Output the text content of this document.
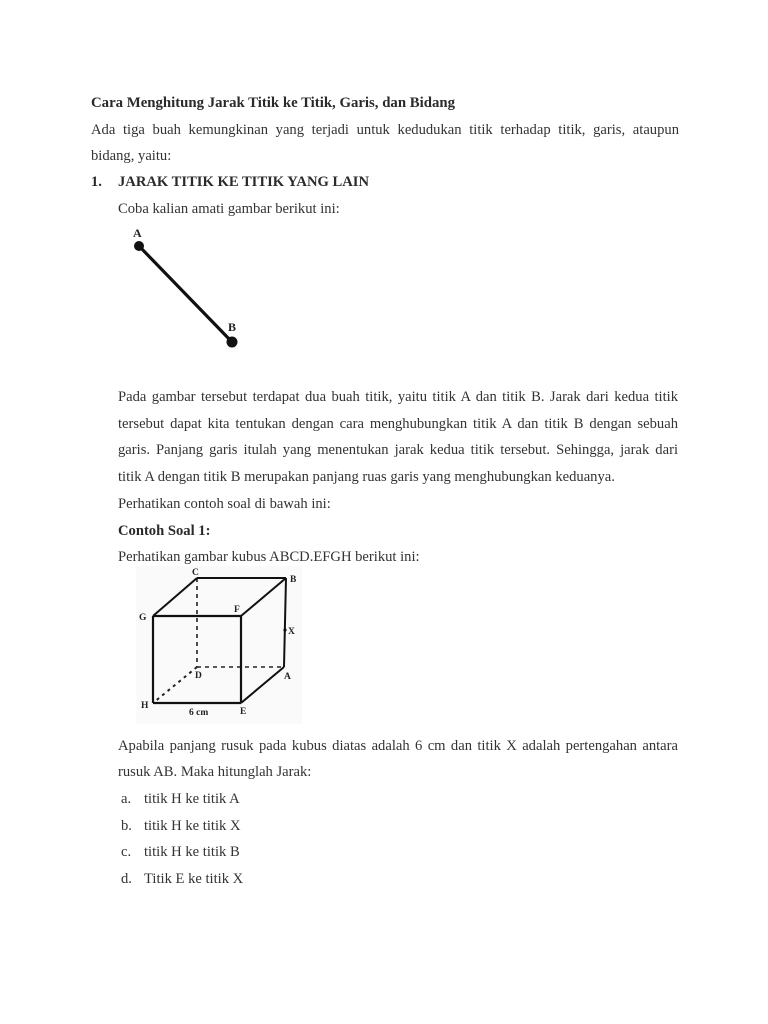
Cara Menghitung Jarak Titik ke Titik, Garis, dan Bidang
Ada tiga buah kemungkinan yang terjadi untuk kedudukan titik terhadap titik, garis, ataupun
bidang, yaitu:
1. JARAK TITIK KE TITIK YANG LAIN
Coba kalian amati gambar berikut ini:
A
B
Pada gambar tersebut terdapat dua buah titik, yaitu titik A dan titik B. Jarak dari kedua titik
tersebut dapat kita tentukan dengan cara menghubungkan titik A dan titik B dengan sebuah
garis. Panjang garis itulah yang menentukan jarak kedua titik tersebut. Sehingga, jarak dari
titik A dengan titik B merupakan panjang ruas garis yang menghubungkan keduanya.
Perhatikan contoh soal di bawah ini:
Contoh Soal 1:
Perhatikan gambar kubus ABCD.EFGH berikut ini:
C
B
G
F
X
D	A
H
E
6 cm
Apabila panjang rusuk pada kubus diatas adalah 6 cm dan titik X adalah pertengahan antara
rusuk AB. Maka hitunglah Jarak:
a. titik H ke titik A
b. titik H ke titik X
c. titik H ke titik B
d. Titik E ke titik X
